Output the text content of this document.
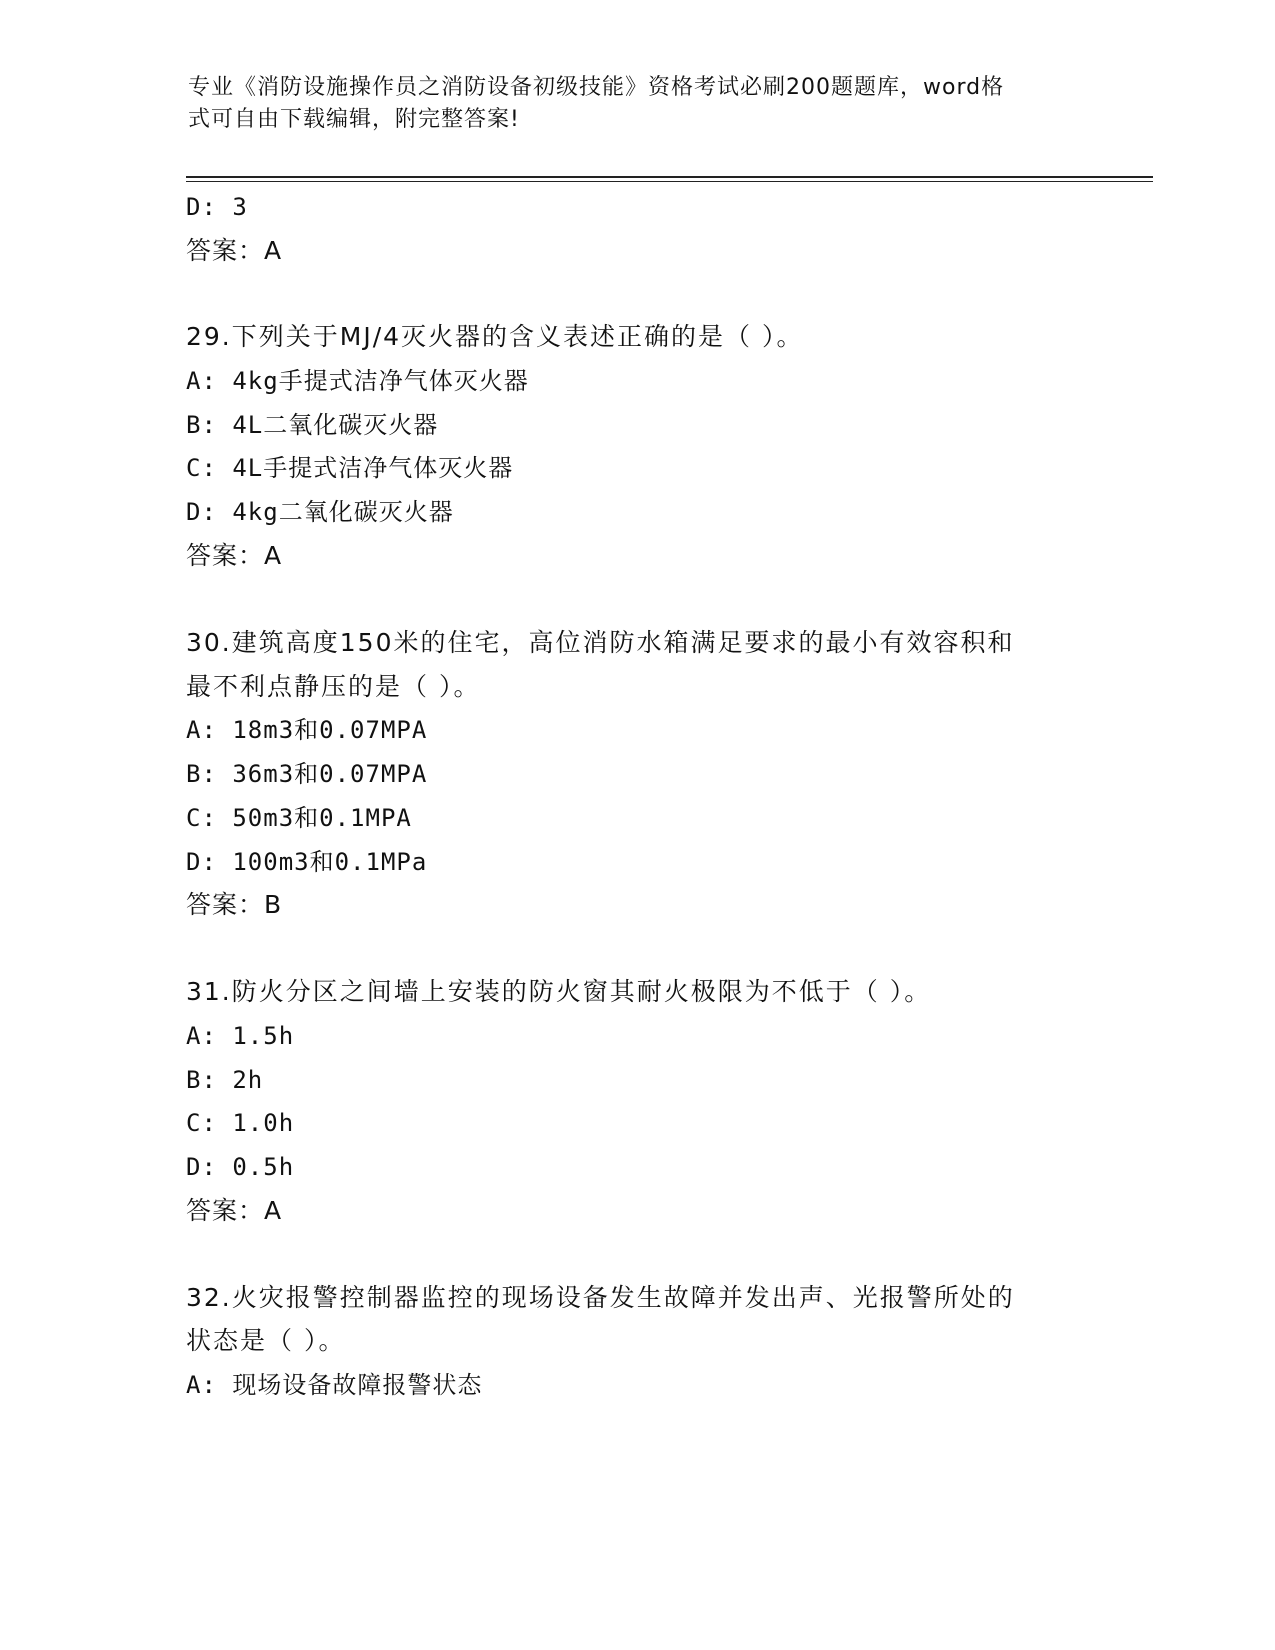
专业《消防设施操作员之消防设备初级技能》资格考试必刷200题题库，word格
式可自由下载编辑，附完整答案!
D: 3
答案：A
29.下列关于MJ/4灭火器的含义表述正确的是（ ）。
A: 4kg手提式洁净气体灭火器
B: 4L二氧化碳灭火器
C: 4L手提式洁净气体灭火器
D: 4kg二氧化碳灭火器
答案：A
30.建筑高度150米的住宅，高位消防水箱满足要求的最小有效容积和
最不利点静压的是（ ）。
A: 18m3和0.07MPA
B: 36m3和0.07MPA
C: 50m3和0.1MPA
D: 100m3和0.1MPa
答案：B
31.防火分区之间墙上安装的防火窗其耐火极限为不低于（ ）。
A: 1.5h
B: 2h
C: 1.0h
D: 0.5h
答案：A
32.火灾报警控制器监控的现场设备发生故障并发出声、光报警所处的
状态是（ ）。
A: 现场设备故障报警状态
